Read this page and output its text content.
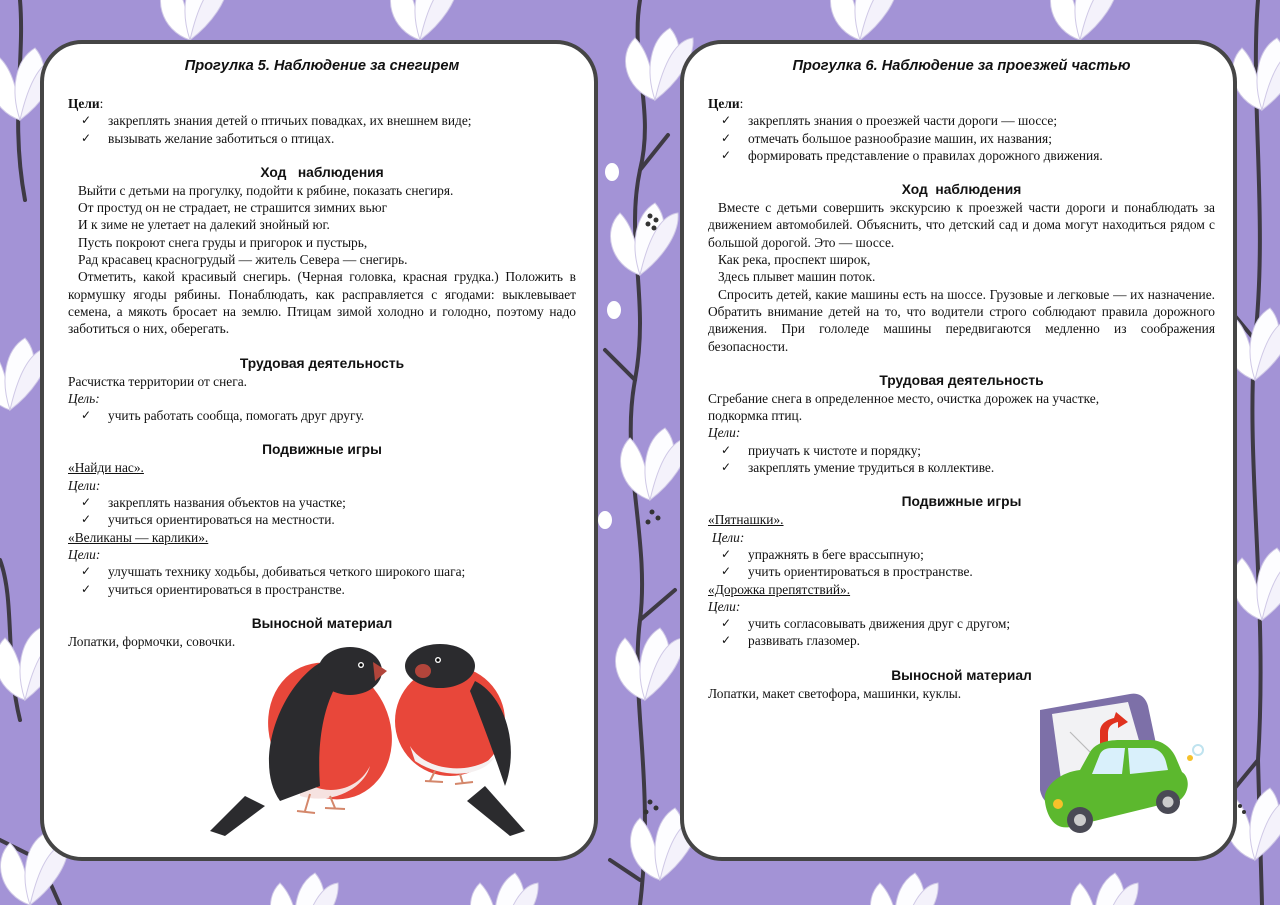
Прогулка 5. Наблюдение за снегирем

Цели:

✓ закреплять знания детей о птичьих повадках, их внешнем виде;
✓ вызывать желание заботиться о птицах.

Ход   наблюдения

Выйти с детьми на прогулку, подойти к рябине, показать снегиря.

От простуд он не страдает, не страшится зимних вьюг

И к зиме не улетает на далекий знойный юг.

Пусть покроют снега груды и пригорок и пустырь,

Рад красавец красногрудый — житель Севера — снегирь.

Отметить, какой красивый снегирь. (Черная головка, красная грудка.) Положить в кормушку ягоды рябины. Понаблюдать, как расправляется с ягодами: выклевывает семена, а мякоть бросает на землю. Птицам зимой холодно и голодно, поэтому надо заботиться о них, оберегать.

Трудовая деятельность

Расчистка территории от снега.

Цель:

✓ учить работать сообща, помогать друг другу.

Подвижные игры

«Найди нас».

Цели:

✓ закреплять названия объектов на участке;
✓ учиться ориентироваться на местности.

«Великаны — карлики».

Цели:

✓ улучшать технику ходьбы, добиваться четкого широкого шага;
✓ учиться ориентироваться в пространстве.

Выносной материал

Лопатки, формочки, совочки.

Прогулка 6. Наблюдение за проезжей частью

Цели:

✓ закреплять знания о проезжей части дороги — шоссе;
✓ отмечать большое разнообразие машин, их названия;
✓ формировать представление о правилах дорожного движения.

Ход  наблюдения

Вместе с детьми совершить экскурсию к проезжей части дороги и понаблюдать за движением автомобилей. Объяснить, что детский сад и дома могут находиться рядом с большой дорогой. Это — шоссе.

Как река, проспект широк,

Здесь плывет машин поток.

Спросить детей, какие машины есть на шоссе. Грузовые и легковые — их назначение. Обратить внимание детей на то, что водители строго соблюдают правила дорожного движения. При гололеде машины передвигаются медленно из соображения безопасности.

Трудовая деятельность

Сгребание снега в определенное место, очистка дорожек на участке, подкормка птиц.

Цели:

✓ приучать к чистоте и порядку;
✓ закреплять умение трудиться в коллективе.

Подвижные игры

«Пятнашки».

Цели:

✓ упражнять в беге врассыпную;
✓ учить ориентироваться в пространстве.

«Дорожка препятствий».

Цели:

✓ учить согласовывать движения друг с другом;
✓ развивать глазомер.

Выносной материал

Лопатки, макет светофора, машинки, куклы.
